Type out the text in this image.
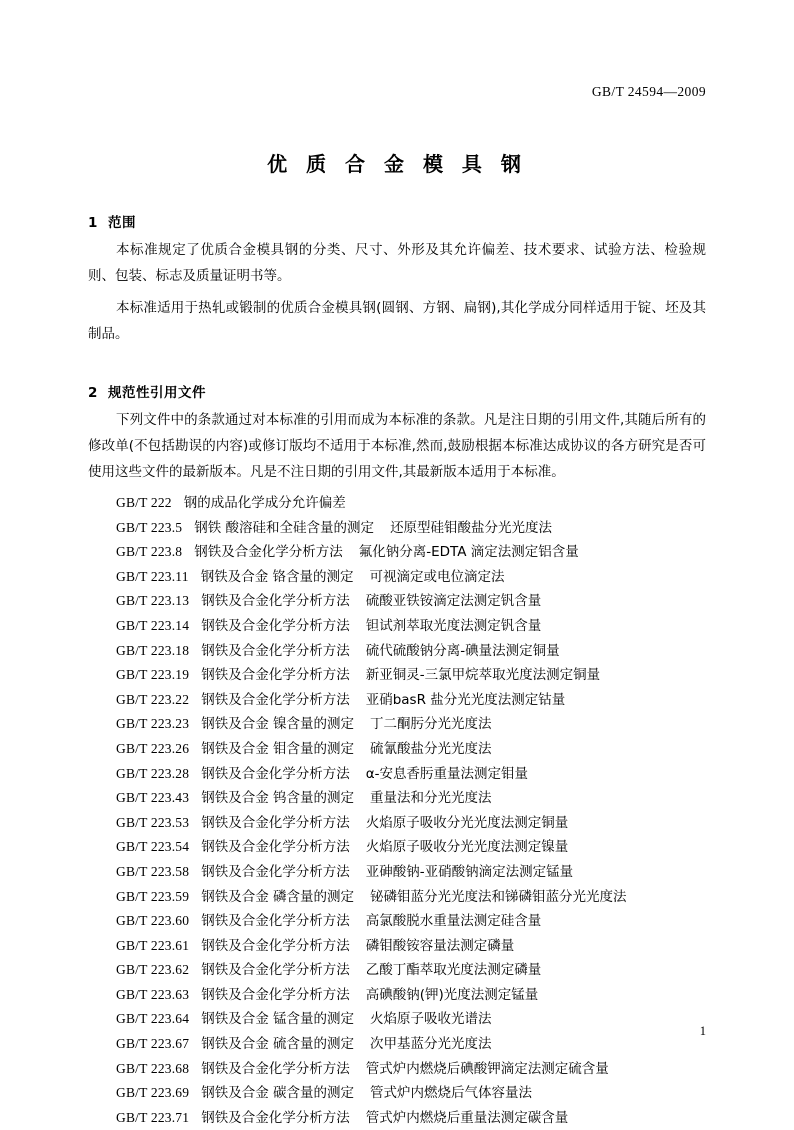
GB/T 24594—2009
优 质 合 金 模 具 钢
1 范围

本标准规定了优质合金模具钢的分类、尺寸、外形及其允许偏差、技术要求、试验方法、检验规则、包装、标志及质量证明书等。

本标准适用于热轧或锻制的优质合金模具钢(圆钢、方钢、扁钢),其化学成分同样适用于锭、坯及其制品。

2 规范性引用文件

下列文件中的条款通过对本标准的引用而成为本标准的条款。凡是注日期的引用文件,其随后所有的修改单(不包括勘误的内容)或修订版均不适用于本标准,然而,鼓励根据本标准达成协议的各方研究是否可使用这些文件的最新版本。凡是不注日期的引用文件,其最新版本适用于本标准。

GB/T 222 钢的成品化学成分允许偏差
GB/T 223.5 钢铁 酸溶硅和全硅含量的测定 还原型硅钼酸盐分光光度法
GB/T 223.8 钢铁及合金化学分析方法 氟化钠分离-EDTA 滴定法测定铝含量
GB/T 223.11 钢铁及合金 铬含量的测定 可视滴定或电位滴定法
GB/T 223.13 钢铁及合金化学分析方法 硫酸亚铁铵滴定法测定钒含量
GB/T 223.14 钢铁及合金化学分析方法 钽试剂萃取光度法测定钒含量
GB/T 223.18 钢铁及合金化学分析方法 硫代硫酸钠分离-碘量法测定铜量
GB/T 223.19 钢铁及合金化学分析方法 新亚铜灵-三氯甲烷萃取光度法测定铜量
GB/T 223.22 钢铁及合金化学分析方法 亚硝basR 盐分光光度法测定钴量
GB/T 223.23 钢铁及合金 镍含量的测定 丁二酮肟分光光度法
GB/T 223.26 钢铁及合金 钼含量的测定 硫氰酸盐分光光度法
GB/T 223.28 钢铁及合金化学分析方法 α-安息香肟重量法测定钼量
GB/T 223.43 钢铁及合金 钨含量的测定 重量法和分光光度法
GB/T 223.53 钢铁及合金化学分析方法 火焰原子吸收分光光度法测定铜量
GB/T 223.54 钢铁及合金化学分析方法 火焰原子吸收分光光度法测定镍量
GB/T 223.58 钢铁及合金化学分析方法 亚砷酸钠-亚硝酸钠滴定法测定锰量
GB/T 223.59 钢铁及合金 磷含量的测定 铋磷钼蓝分光光度法和锑磷钼蓝分光光度法
GB/T 223.60 钢铁及合金化学分析方法 高氯酸脱水重量法测定硅含量
GB/T 223.61 钢铁及合金化学分析方法 磷钼酸铵容量法测定磷量
GB/T 223.62 钢铁及合金化学分析方法 乙酸丁酯萃取光度法测定磷量
GB/T 223.63 钢铁及合金化学分析方法 高碘酸钠(钾)光度法测定锰量
GB/T 223.64 钢铁及合金 锰含量的测定 火焰原子吸收光谱法
GB/T 223.67 钢铁及合金 硫含量的测定 次甲基蓝分光光度法
GB/T 223.68 钢铁及合金化学分析方法 管式炉内燃烧后碘酸钾滴定法测定硫含量
GB/T 223.69 钢铁及合金 碳含量的测定 管式炉内燃烧后气体容量法
GB/T 223.71 钢铁及合金化学分析方法 管式炉内燃烧后重量法测定碳含量
1
